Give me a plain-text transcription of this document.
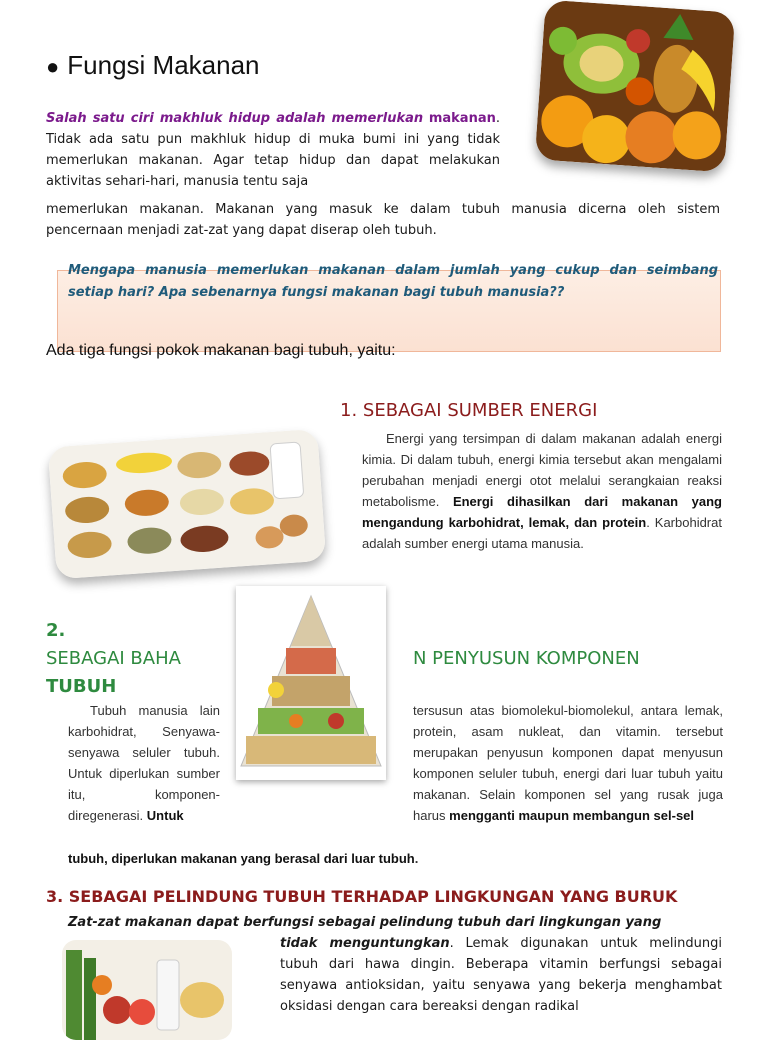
● Fungsi Makanan
Salah satu ciri makhluk hidup adalah memerlukan makanan. Tidak ada satu pun makhluk hidup di muka bumi ini yang tidak memerlukan makanan. Agar tetap hidup dan dapat melakukan aktivitas sehari-hari, manusia tentu saja
memerlukan makanan. Makanan yang masuk ke dalam tubuh manusia dicerna oleh sistem pencernaan menjadi zat-zat yang dapat diserap oleh tubuh.
Mengapa manusia memerlukan makanan dalam jumlah yang cukup dan seimbang setiap hari? Apa sebenarnya fungsi makanan bagi tubuh manusia??
Ada tiga fungsi pokok makanan bagi tubuh, yaitu:
1. SEBAGAI SUMBER ENERGI
Energi yang tersimpan di dalam makanan adalah energi kimia. Di dalam tubuh, energi kimia tersebut akan mengalami perubahan menjadi energi otot melalui serangkaian reaksi metabolisme. Energi dihasilkan dari makanan yang mengandung karbohidrat, lemak, dan protein. Karbohidrat adalah sumber energi utama manusia.
2.
SEBAGAI BAHA	N PENYUSUN KOMPONEN
TUBUH
Tubuh manusia lain karbohidrat, Senyawa-senyawa seluler tubuh. Untuk diperlukan sumber itu, komponen-diregenerasi. Untuk
tersusun atas biomolekul-biomolekul, antara lemak, protein, asam nukleat, dan vitamin. tersebut merupakan penyusun komponen dapat menyusun komponen seluler tubuh, energi dari luar tubuh yaitu makanan. Selain komponen sel yang rusak juga harus mengganti maupun membangun sel-sel
tubuh, diperlukan makanan yang berasal dari luar tubuh.
3. SEBAGAI PELINDUNG TUBUH TERHADAP LINGKUNGAN YANG BURUK
Zat-zat makanan dapat berfungsi sebagai pelindung tubuh dari lingkungan yang
tidak menguntungkan. Lemak digunakan untuk melindungi tubuh dari hawa dingin. Beberapa vitamin berfungsi sebagai senyawa antioksidan, yaitu senyawa yang bekerja menghambat oksidasi dengan cara bereaksi dengan radikal
